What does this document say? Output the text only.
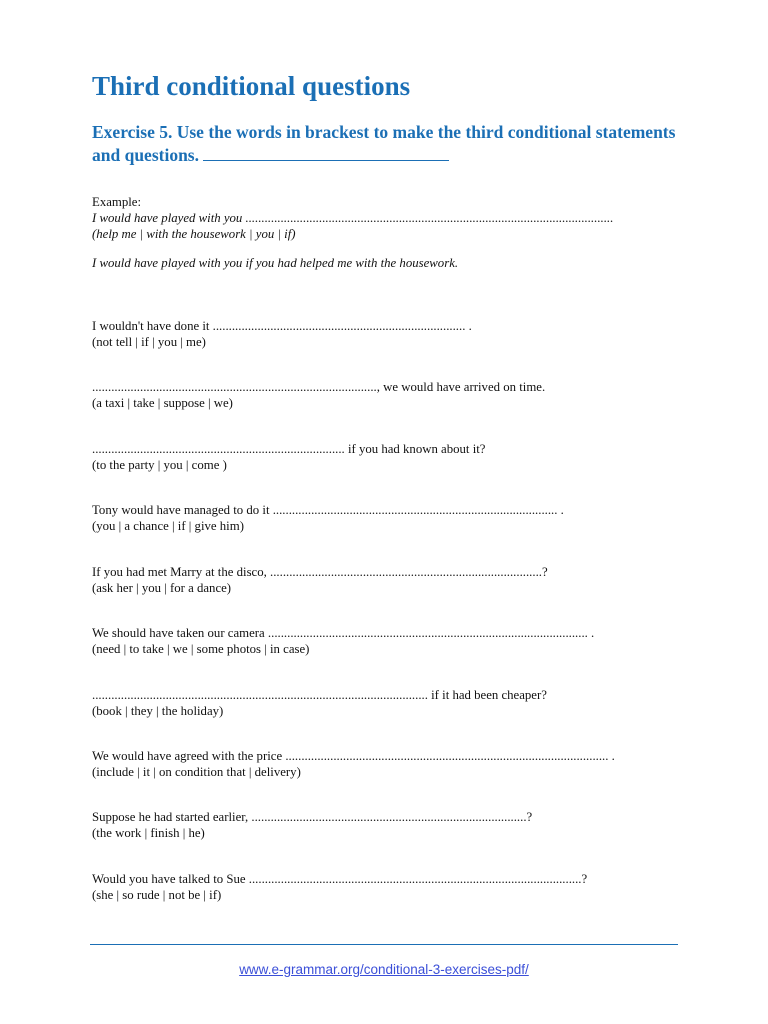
Third conditional questions
Exercise 5. Use the words in brackest to make the third conditional statements and questions.
Example:
I would have played with you ...................................................................................................................
(help me | with the housework | you | if)
I would have played with you if you had helped me with the housework.
I wouldn't have done it ............................................................................... .
(not tell | if | you | me)
........................................................................................., we would have arrived on time.
(a taxi | take | suppose | we)
............................................................................... if you had known about it?
(to the party | you | come )
Tony would have managed to do it ......................................................................................... .
(you | a chance | if | give him)
If you had met Marry at the disco, .....................................................................................?
(ask her | you | for a dance)
We should have taken our camera .................................................................................................... .
(need | to take | we | some photos | in case)
......................................................................................................... if it had been cheaper?
(book | they | the holiday)
We would have agreed with the price ..................................................................................................... .
(include | it | on condition that | delivery)
Suppose he had started earlier, ......................................................................................?
(the work | finish | he)
Would you have talked to Sue ........................................................................................................?
(she | so rude | not be | if)
www.e-grammar.org/conditional-3-exercises-pdf/
